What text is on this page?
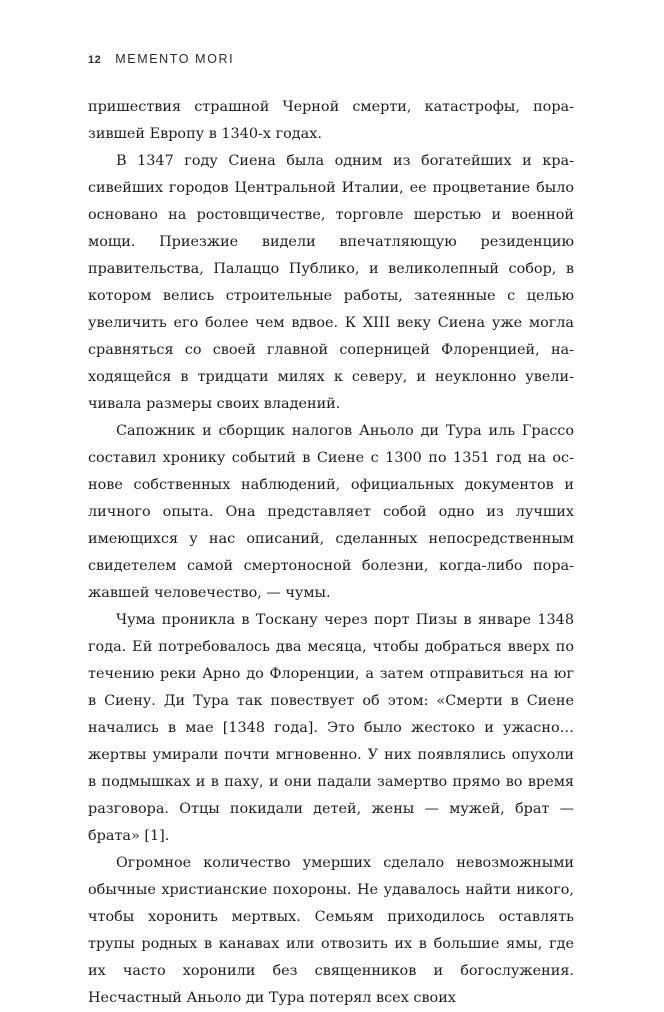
12 MEMENTO MORI

пришествия страшной Черной смерти, катастрофы, поразившей Европу в 1340-х годах.

В 1347 году Сиена была одним из богатейших и красивейших городов Центральной Италии, ее процветание было основано на ростовщичестве, торговле шерстью и военной мощи. Приезжие видели впечатляющую резиденцию правительства, Палаццо Публико, и великолепный собор, в котором велись строительные работы, затеянные с целью увеличить его более чем вдвое. К XIII веку Сиена уже могла сравняться со своей главной соперницей Флоренцией, находящейся в тридцати милях к северу, и неуклонно увеличивала размеры своих владений.

Сапожник и сборщик налогов Аньоло ди Тура иль Грассо составил хронику событий в Сиене с 1300 по 1351 год на основе собственных наблюдений, официальных документов и личного опыта. Она представляет собой одно из лучших имеющихся у нас описаний, сделанных непосредственным свидетелем самой смертоносной болезни, когда-либо поражавшей человечество, — чумы.

Чума проникла в Тоскану через порт Пизы в январе 1348 года. Ей потребовалось два месяца, чтобы добраться вверх по течению реки Арно до Флоренции, а затем отправиться на юг в Сиену. Ди Тура так повествует об этом: «Смерти в Сиене начались в мае [1348 года]. Это было жестоко и ужасно… жертвы умирали почти мгновенно. У них появлялись опухоли в подмышках и в паху, и они падали замертво прямо во время разговора. Отцы покидали детей, жены — мужей, брат — брата» [1].

Огромное количество умерших сделало невозможными обычные христианские похороны. Не удавалось найти никого, чтобы хоронить мертвых. Семьям приходилось оставлять трупы родных в канавах или отвозить их в большие ямы, где их часто хоронили без священников и богослужения. Несчастный Аньоло ди Тура потерял всех своих
